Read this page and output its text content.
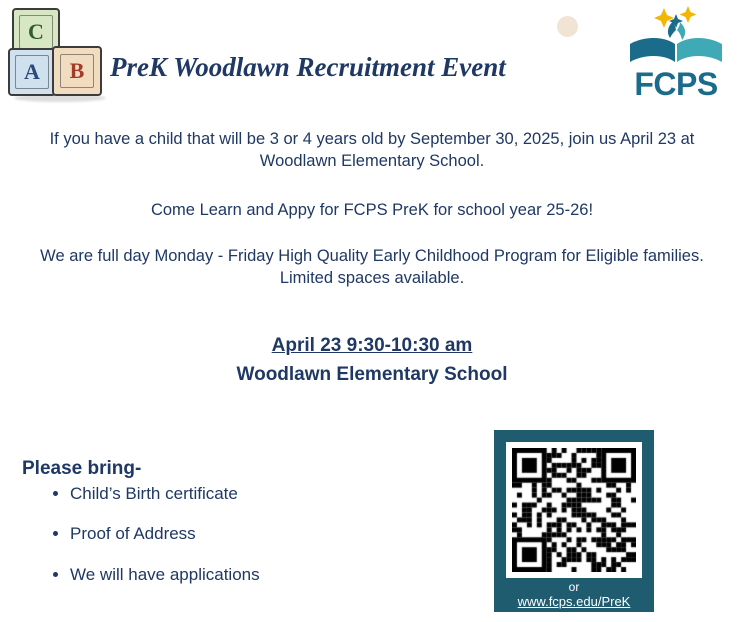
C
A	B PreK Woodlawn Recruitment Event	FCPS
If you have a child that will be 3 or 4 years old by September 30, 2025, join us April 23 at Woodlawn Elementary School.
Come Learn and Appy for FCPS PreK for school year 25-26!
We are full day Monday - Friday High Quality Early Childhood Program for Eligible families.
Limited spaces available.
April 23 9:30-10:30 am
Woodlawn Elementary School
Please bring-
• Child’s Birth certificate
• Proof of Address
• We will have applications
or
www.fcps.edu/PreK
